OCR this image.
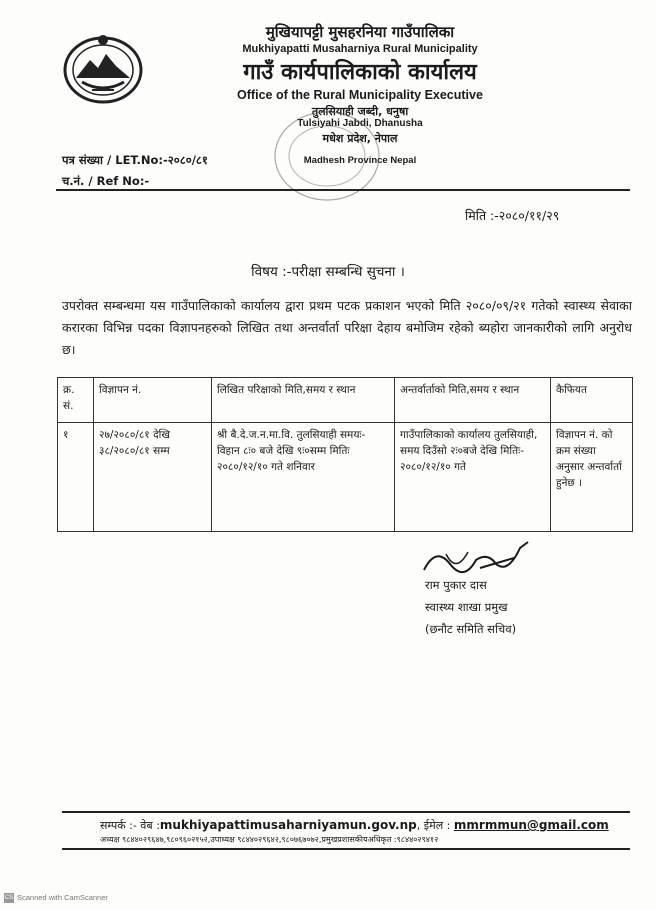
मुखियापट्टी मुसहरनिया गाउँपालिका
Mukhiyapatti Musaharniya Rural Municipality
गाउँ कार्यपालिकाको कार्यालय
Office of the Rural Municipality Executive
तुलसियाही जब्दी, धनुषा
Tulsiyahi Jabdi, Dhanusha
मधेश प्रदेश, नेपाल
Madhesh Province Nepal
पत्र संख्या / LET.No:-२०८०/८१
च.नं. / Ref No:-
मिति :-२०८०/११/२९
विषय :-परीक्षा सम्बन्धि सुचना ।
उपरोक्त सम्बन्धमा यस गाउँपालिकाको कार्यालय द्वारा प्रथम पटक प्रकाशन भएको मिति २०८०/०९/२१ गतेको स्वास्थ्य सेवाका करारका विभिन्न पदका विज्ञापनहरुको लिखित तथा अन्तर्वार्ता परिक्षा देहाय बमोजिम रहेको ब्यहोरा जानकारीको लागि अनुरोध छ।
क्र. सं.	विज्ञापन नं.	लिखित परिक्षाको मिति,समय र स्थान	अन्तर्वार्ताको मिति,समय र स्थान	कैफियत
१	२७/२०८०/८१ देखि ३८/२०८०/८१ सम्म	श्री बै.दे.ज.न.मा.वि. तुलसियाही समयः- विहान ८ः० बजे देखि ९ः०सम्म मितिः २०८०/१२/१० गते शनिवार	गाउँपालिकाको कार्यालय तुलसियाही, समय दिउँसो २ः०बजे देखि मितिः- २०८०/१२/१० गते	विज्ञापन नं. को क्रम संख्या अनुसार अन्तर्वार्ता हुनेछ ।
राम पुकार दास
स्वास्थ्य शाखा प्रमुख
(छनौट समिति सचिव)
सम्पर्क :- वेब :mukhiyapattimusaharniyamun.gov.np, ईमेल : mmrmmun@gmail.com
अध्यक्ष ९८४४०२९६४७,९८०९६०२१५२,उपाध्यक्ष ९८४४०२९६४२,९८०७६७०७२,प्रमुखप्रशासकीयअधिकृत :९८४४०२९४१२
CS Scanned with CamScanner
